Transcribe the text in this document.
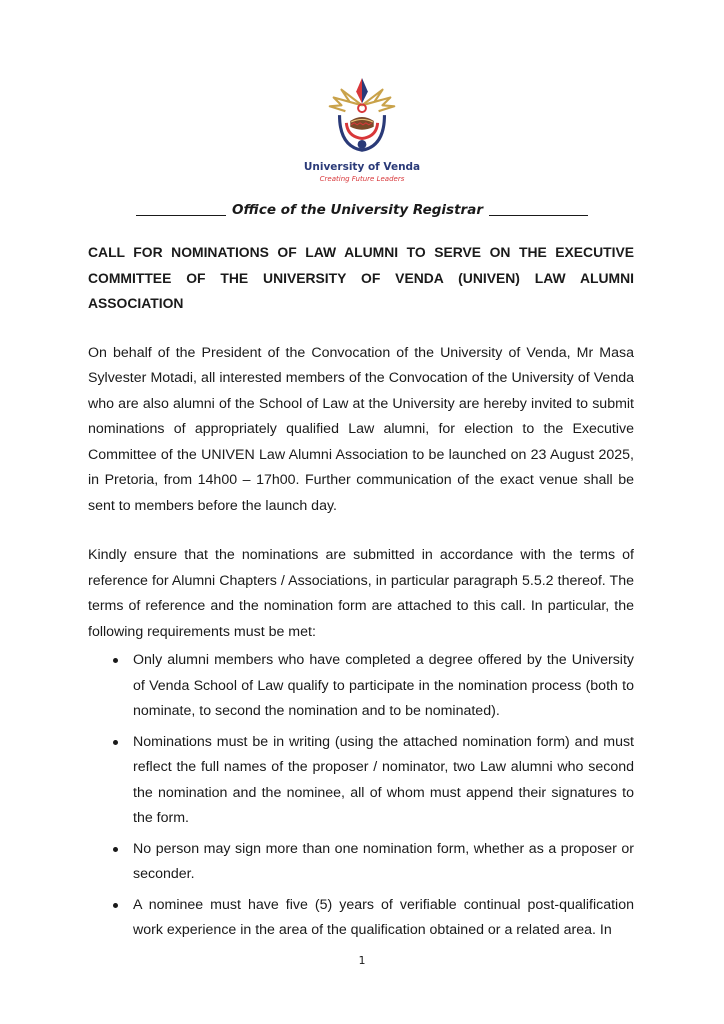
University of Venda
Creating Future Leaders
Office of the University Registrar
CALL FOR NOMINATIONS OF LAW ALUMNI TO SERVE ON THE EXECUTIVE COMMITTEE OF THE UNIVERSITY OF VENDA (UNIVEN) LAW ALUMNI ASSOCIATION
On behalf of the President of the Convocation of the University of Venda, Mr Masa Sylvester Motadi, all interested members of the Convocation of the University of Venda who are also alumni of the School of Law at the University are hereby invited to submit nominations of appropriately qualified Law alumni, for election to the Executive Committee of the UNIVEN Law Alumni Association to be launched on 23 August 2025, in Pretoria, from 14h00 – 17h00. Further communication of the exact venue shall be sent to members before the launch day.
Kindly ensure that the nominations are submitted in accordance with the terms of reference for Alumni Chapters / Associations, in particular paragraph 5.5.2 thereof. The terms of reference and the nomination form are attached to this call. In particular, the following requirements must be met:
Only alumni members who have completed a degree offered by the University of Venda School of Law qualify to participate in the nomination process (both to nominate, to second the nomination and to be nominated).
Nominations must be in writing (using the attached nomination form) and must reflect the full names of the proposer / nominator, two Law alumni who second the nomination and the nominee, all of whom must append their signatures to the form.
No person may sign more than one nomination form, whether as a proposer or seconder.
A nominee must have five (5) years of verifiable continual post-qualification work experience in the area of the qualification obtained or a related area. In
1
